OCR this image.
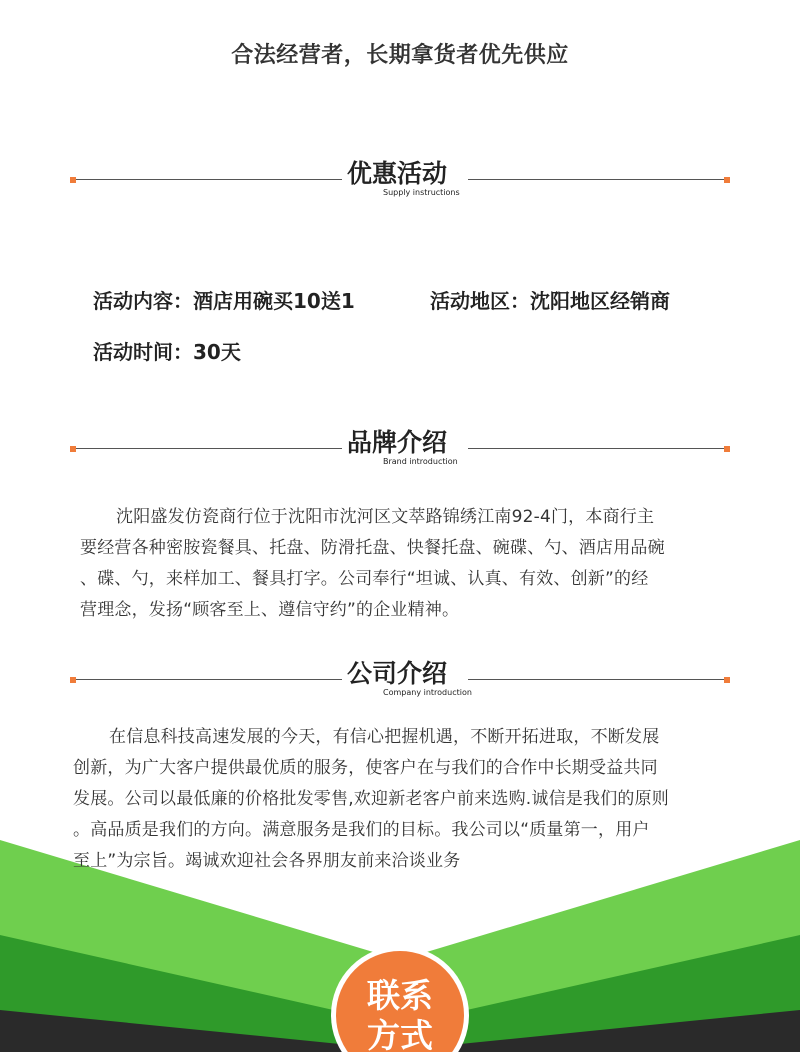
合法经营者，长期拿货者优先供应
优惠活动
Supply instructions
活动内容：酒店用碗买10送1	活动地区：沈阳地区经销商
活动时间：30天
品牌介绍
Brand introduction
沈阳盛发仿瓷商行位于沈阳市沈河区文萃路锦绣江南92-4门，本商行主
要经营各种密胺瓷餐具、托盘、防滑托盘、快餐托盘、碗碟、勺、酒店用品碗
、碟、勺，来样加工、餐具打字。公司奉行“坦诚、认真、有效、创新”的经
营理念，发扬“顾客至上、遵信守约”的企业精神。
公司介绍
Company introduction
在信息科技高速发展的今天，有信心把握机遇，不断开拓进取，不断发展
创新，为广大客户提供最优质的服务，使客户在与我们的合作中长期受益共同
发展。公司以最低廉的价格批发零售,欢迎新老客户前来选购.诚信是我们的原则
。高品质是我们的方向。满意服务是我们的目标。我公司以“质量第一，用户
至上”为宗旨。竭诚欢迎社会各界朋友前来洽谈业务
联系
方式
